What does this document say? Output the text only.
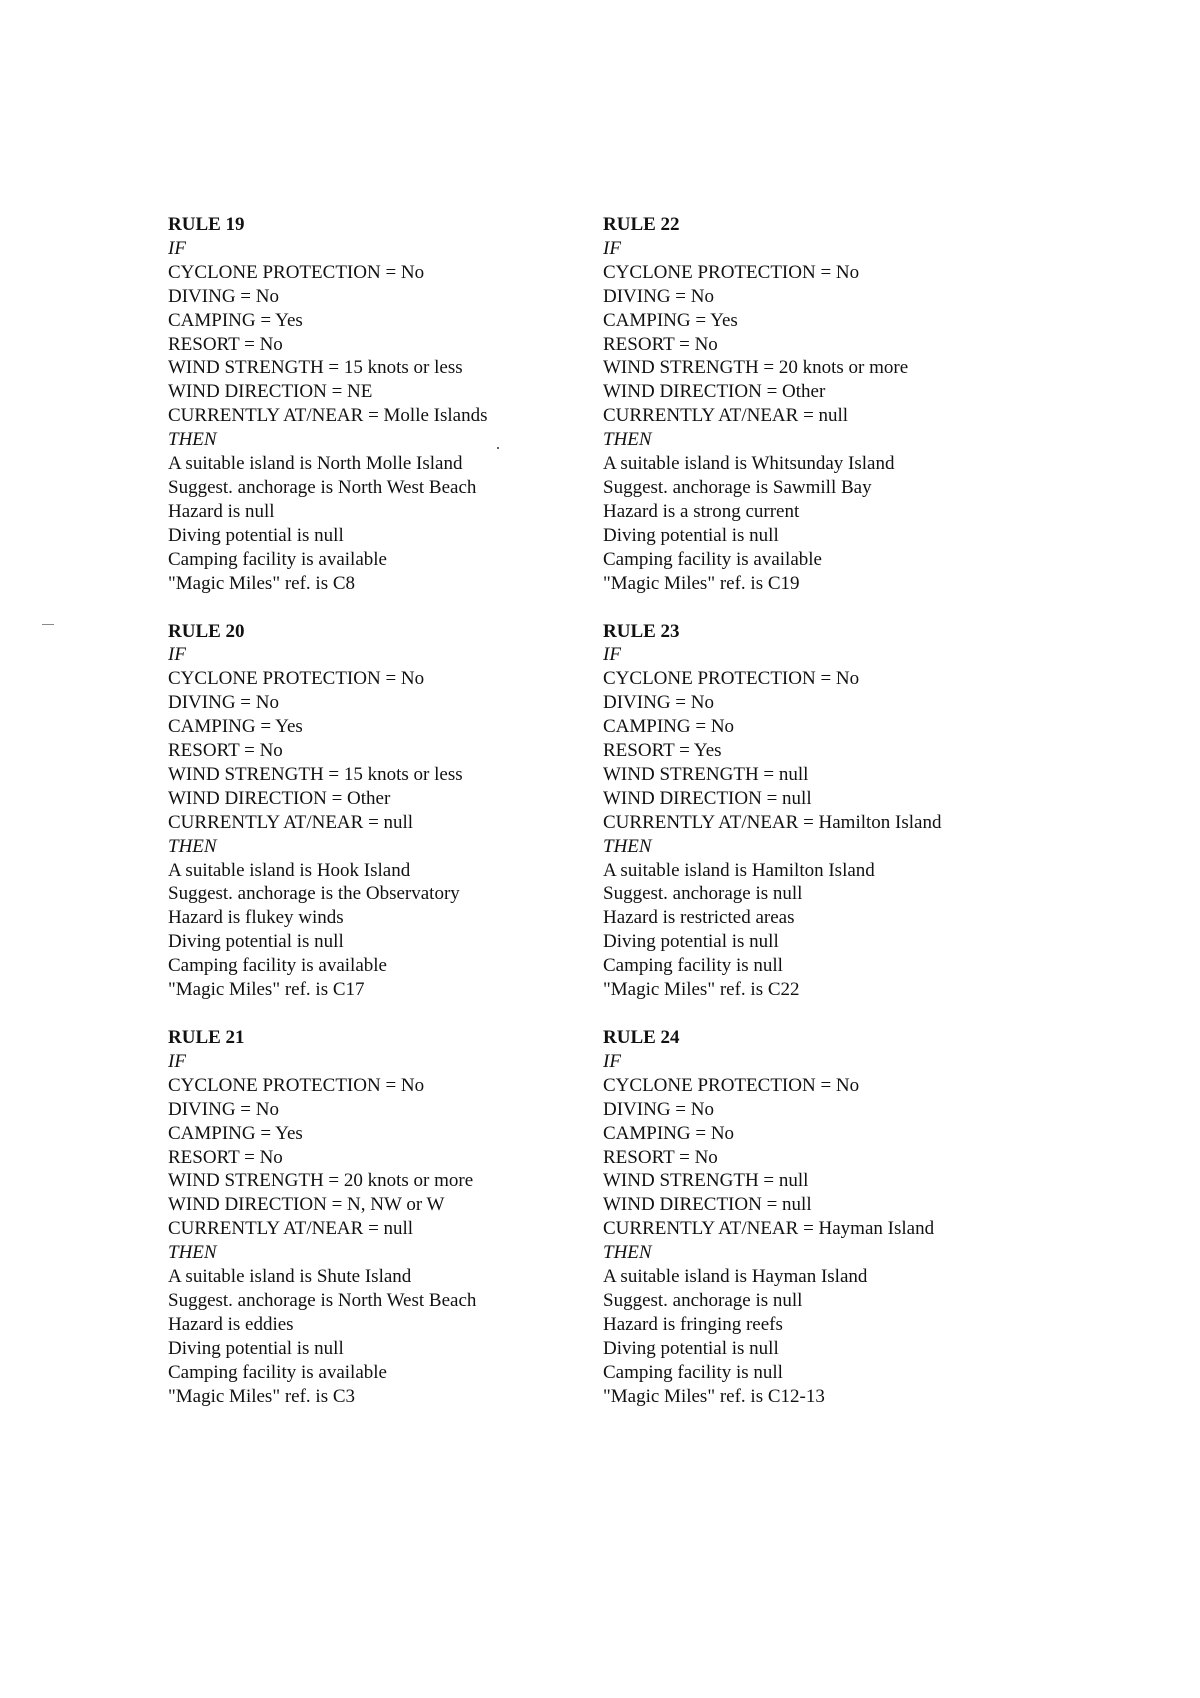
RULE 19
IF
CYCLONE PROTECTION = No
DIVING = No
CAMPING = Yes
RESORT = No
WIND STRENGTH = 15 knots or less
WIND DIRECTION = NE
CURRENTLY AT/NEAR = Molle Islands
THEN
A suitable island is North Molle Island
Suggest. anchorage is North West Beach
Hazard is null
Diving potential is null
Camping facility is available
"Magic Miles" ref. is C8
RULE 20
IF
CYCLONE PROTECTION = No
DIVING = No
CAMPING = Yes
RESORT = No
WIND STRENGTH = 15 knots or less
WIND DIRECTION = Other
CURRENTLY AT/NEAR = null
THEN
A suitable island is Hook Island
Suggest. anchorage is the Observatory
Hazard is flukey winds
Diving potential is null
Camping facility is available
"Magic Miles" ref. is C17
RULE 21
IF
CYCLONE PROTECTION = No
DIVING = No
CAMPING = Yes
RESORT = No
WIND STRENGTH = 20 knots or more
WIND DIRECTION = N, NW or W
CURRENTLY AT/NEAR = null
THEN
A suitable island is Shute Island
Suggest. anchorage is North West Beach
Hazard is eddies
Diving potential is null
Camping facility is available
"Magic Miles" ref. is C3
RULE 22
IF
CYCLONE PROTECTION = No
DIVING = No
CAMPING = Yes
RESORT = No
WIND STRENGTH = 20 knots or more
WIND DIRECTION = Other
CURRENTLY AT/NEAR = null
THEN
A suitable island is Whitsunday Island
Suggest. anchorage is Sawmill Bay
Hazard is a strong current
Diving potential is null
Camping facility is available
"Magic Miles" ref. is C19
RULE 23
IF
CYCLONE PROTECTION = No
DIVING = No
CAMPING = No
RESORT = Yes
WIND STRENGTH = null
WIND DIRECTION = null
CURRENTLY AT/NEAR = Hamilton Island
THEN
A suitable island is Hamilton Island
Suggest. anchorage is null
Hazard is restricted areas
Diving potential is null
Camping facility is null
"Magic Miles" ref. is C22
RULE 24
IF
CYCLONE PROTECTION = No
DIVING = No
CAMPING = No
RESORT = No
WIND STRENGTH = null
WIND DIRECTION = null
CURRENTLY AT/NEAR = Hayman Island
THEN
A suitable island is Hayman Island
Suggest. anchorage is null
Hazard is fringing reefs
Diving potential is null
Camping facility is null
"Magic Miles" ref. is C12-13
